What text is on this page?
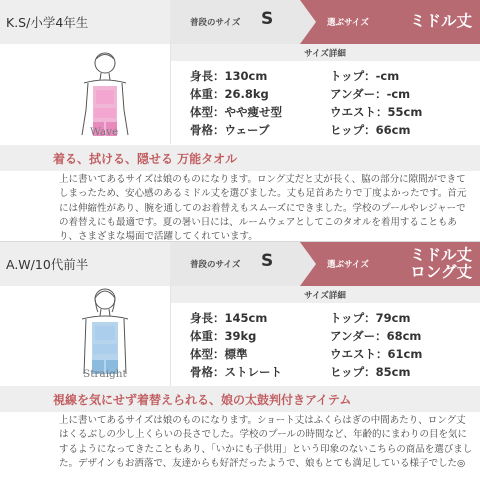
K.S/小学4年生	普段のサイズ S	選ぶサイズ	ミドル丈
サイズ詳細
Wave
身長：130cm	トップ：-cm
体重：26.8kg	アンダー：-cm
体型：やや痩せ型	ウエスト：55cm
骨格：ウェーブ	ヒップ：66cm
着る、拭ける、隠せる 万能タオル
上に書いてあるサイズは娘のものになります。ロング丈だと丈が長く、脇の部分に隙間ができてしまったため、安心感のあるミドル丈を選びました。丈も足首あたりで丁度よかったです。首元には伸縮性があり、腕を通してのお着替えもスムーズにできました。学校のプールやレジャーでの着替えにも最適です。夏の暑い日には、ルームウェアとしてこのタオルを着用することもあり、さまざまな場面で活躍してくれています。
A.W/10代前半	普段のサイズ S	選ぶサイズ
ミドル丈
ロング丈
サイズ詳細
Straight
身長：145cm	トップ：79cm
体重：39kg	アンダー：68cm
体型：標準	ウエスト：61cm
骨格：ストレート	ヒップ：85cm
視線を気にせず着替えられる、娘の太鼓判付きアイテム
上に書いてあるサイズは娘のものになります。ショート丈はふくらはぎの中間あたり、ロング丈はくるぶしの少し上くらいの長さでした。学校のプールの時間など、年齢的にまわりの目を気にするようになってきたこともあり、「いかにも子供用」という印象のないこちらの商品を選びました。デザインもお洒落で、友達からも好評だったようで、娘もとても満足している様子でした◎
